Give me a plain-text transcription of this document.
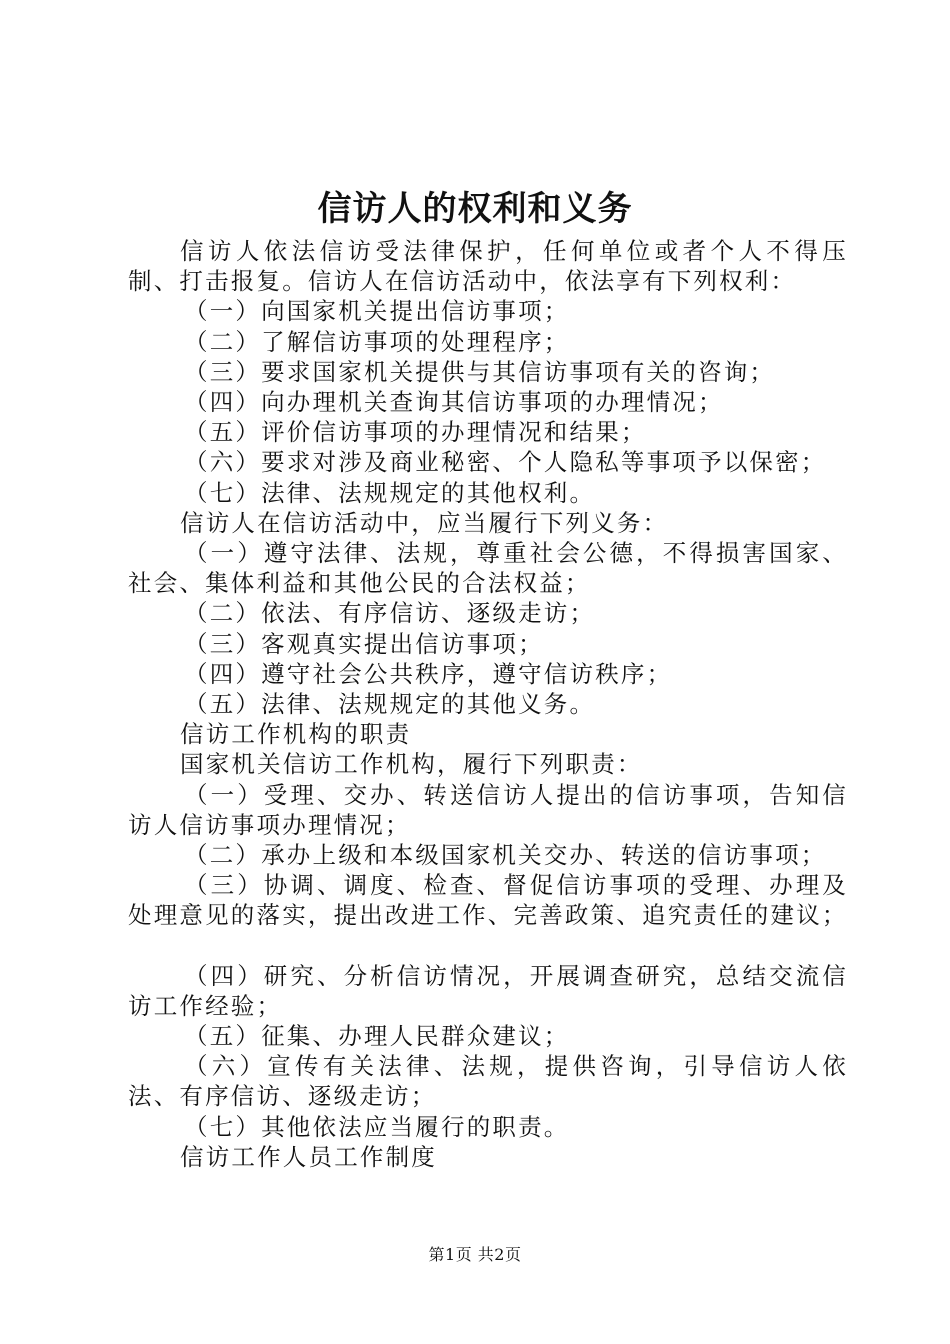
信访人的权利和义务

信访人依法信访受法律保护，任何单位或者个人不得压制、打击报复。信访人在信访活动中，依法享有下列权利：

（一）向国家机关提出信访事项；

（二）了解信访事项的处理程序；

（三）要求国家机关提供与其信访事项有关的咨询；

（四）向办理机关查询其信访事项的办理情况；

（五）评价信访事项的办理情况和结果；

（六）要求对涉及商业秘密、个人隐私等事项予以保密；

（七）法律、法规规定的其他权利。

信访人在信访活动中，应当履行下列义务：

（一）遵守法律、法规，尊重社会公德，不得损害国家、社会、集体利益和其他公民的合法权益；

（二）依法、有序信访、逐级走访；

（三）客观真实提出信访事项；

（四）遵守社会公共秩序，遵守信访秩序；

（五）法律、法规规定的其他义务。

信访工作机构的职责

国家机关信访工作机构，履行下列职责：

（一）受理、交办、转送信访人提出的信访事项，告知信访人信访事项办理情况；

（二）承办上级和本级国家机关交办、转送的信访事项；

（三）协调、调度、检查、督促信访事项的受理、办理及处理意见的落实，提出改进工作、完善政策、追究责任的建议；

（四）研究、分析信访情况，开展调查研究，总结交流信访工作经验；

（五）征集、办理人民群众建议；

（六）宣传有关法律、法规，提供咨询，引导信访人依法、有序信访、逐级走访；

（七）其他依法应当履行的职责。

信访工作人员工作制度

第1页 共2页
